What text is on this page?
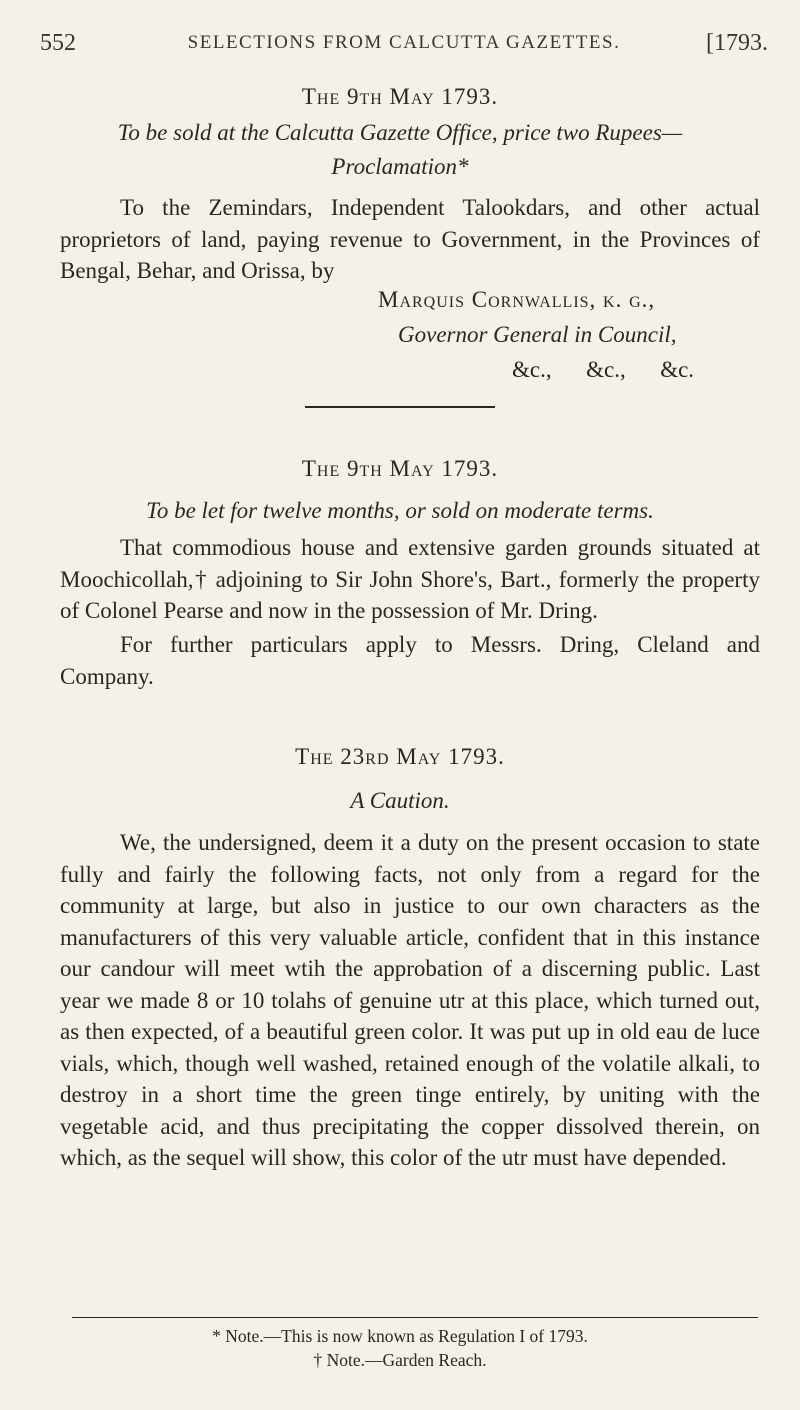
552	SELECTIONS FROM CALCUTTA GAZETTES.	[1793.
The 9th May 1793.
To be sold at the Calcutta Gazette Office, price two Rupees—
Proclamation*

To the Zemindars, Independent Talookdars, and other actual proprietors of land, paying revenue to Government, in the Provinces of Bengal, Behar, and Orissa, by

Marquis Cornwallis, k. g.,
Governor General in Council,
&c.,      &c.,      &c.
The 9th May 1793.
To be let for twelve months, or sold on moderate terms.

That commodious house and extensive garden grounds situated at Moochicollah,† adjoining to Sir John Shore's, Bart., formerly the property of Colonel Pearse and now in the possession of Mr. Dring.

For further particulars apply to Messrs. Dring, Cleland and Company.

The 23rd May 1793.
A Caution.

We, the undersigned, deem it a duty on the present occasion to state fully and fairly the following facts, not only from a regard for the community at large, but also in justice to our own characters as the manufacturers of this very valuable article, confident that in this instance our candour will meet wtih the approbation of a discerning public. Last year we made 8 or 10 tolahs of genuine utr at this place, which turned out, as then expected, of a beautiful green color. It was put up in old eau de luce vials, which, though well washed, retained enough of the volatile alkali, to destroy in a short time the green tinge entirely, by uniting with the vegetable acid, and thus precipitating the copper dissolved therein, on which, as the sequel will show, this color of the utr must have depended.

* Note.—This is now known as Regulation I of 1793.
† Note.—Garden Reach.
